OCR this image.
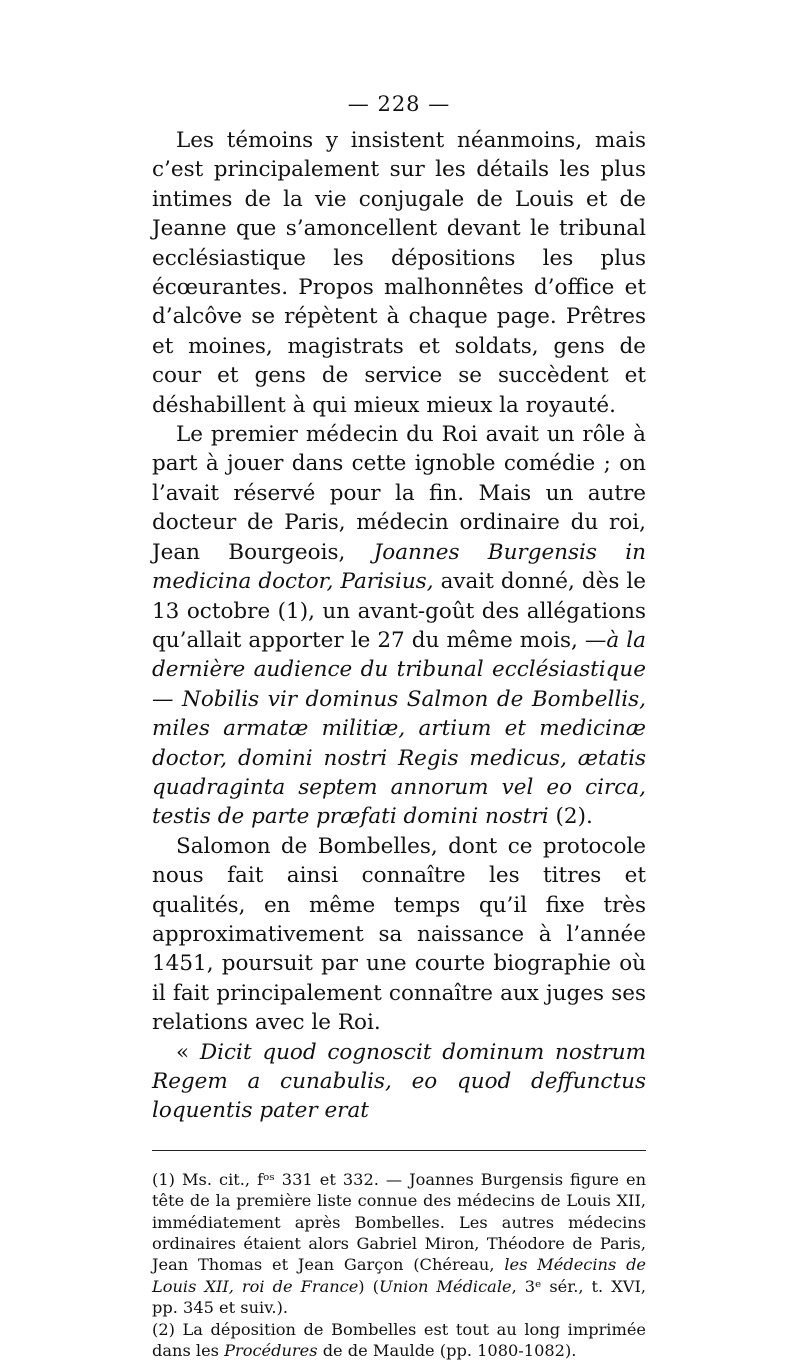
— 228 —

Les témoins y insistent néanmoins, mais c’est principalement sur les détails les plus intimes de la vie conjugale de Louis et de Jeanne que s’amoncellent devant le tribunal ecclésiastique les dépositions les plus écœurantes. Propos malhonnêtes d’office et d’alcôve se répètent à chaque page. Prêtres et moines, magistrats et soldats, gens de cour et gens de service se succèdent et déshabillent à qui mieux mieux la royauté.

Le premier médecin du Roi avait un rôle à part à jouer dans cette ignoble comédie ; on l’avait réservé pour la fin. Mais un autre docteur de Paris, médecin ordinaire du roi, Jean Bourgeois, Joannes Burgensis in medicina doctor, Parisius, avait donné, dès le 13 octobre (1), un avant-goût des allégations qu’allait apporter le 27 du même mois, —à la dernière audience du tribunal ecclésiastique — Nobilis vir dominus Salmon de Bombellis, miles armatæ militiæ, artium et medicinæ doctor, domini nostri Regis medicus, ætatis quadraginta septem annorum vel eo circa, testis de parte præfati domini nostri (2).

Salomon de Bombelles, dont ce protocole nous fait ainsi connaître les titres et qualités, en même temps qu’il fixe très approximativement sa naissance à l’année 1451, poursuit par une courte biographie où il fait principalement connaître aux juges ses relations avec le Roi.

« Dicit quod cognoscit dominum nostrum Regem a cunabulis, eo quod deffunctus loquentis pater erat

(1) Ms. cit., fᵒˢ 331 et 332. — Joannes Burgensis figure en tête de la première liste connue des médecins de Louis XII, immédiatement après Bombelles. Les autres médecins ordinaires étaient alors Gabriel Miron, Théodore de Paris, Jean Thomas et Jean Garçon (Chéreau, les Médecins de Louis XII, roi de France) (Union Médicale, 3ᵉ sér., t. XVI, pp. 345 et suiv.).

(2) La déposition de Bombelles est tout au long imprimée dans les Procédures de de Maulde (pp. 1080-1082).
